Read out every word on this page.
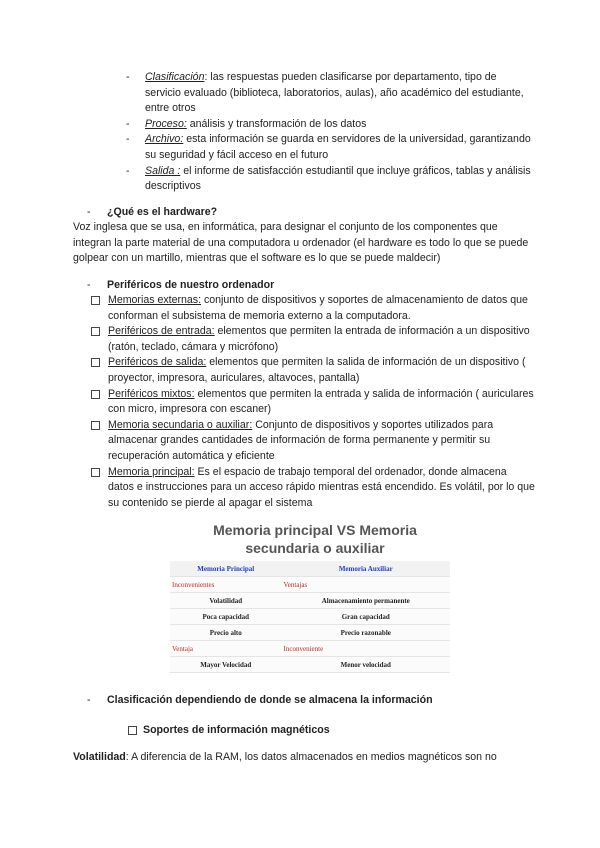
- Clasificación: las respuestas pueden clasificarse por departamento, tipo de servicio evaluado (biblioteca, laboratorios, aulas), año académico del estudiante, entre otros
- Proceso: análisis y transformación de los datos
- Archivo: esta información se guarda en servidores de la universidad, garantizando su seguridad y fácil acceso en el futuro
- Salida : el informe de satisfacción estudiantil que incluye gráficos, tablas y análisis descriptivos
- ¿Qué es el hardware?
Voz inglesa que se usa, en informática, para designar el conjunto de los componentes que integran la parte material de una computadora u ordenador (el hardware es todo lo que se puede golpear con un martillo, mientras que el software es lo que se puede maldecir)
- Periféricos de nuestro ordenador
Memorias externas: conjunto de dispositivos y soportes de almacenamiento de datos que conforman el subsistema de memoria externo a la computadora.
Periféricos de entrada: elementos que permiten la entrada de información a un dispositivo (ratón, teclado, cámara y micrófono)
Periféricos de salida: elementos que permiten la salida de información de un dispositivo ( proyector, impresora, auriculares, altavoces, pantalla)
Periféricos mixtos: elementos que permiten la entrada y salida de información ( auriculares con micro, impresora con escaner)
Memoria secundaria o auxiliar: Conjunto de dispositivos y soportes utilizados para almacenar grandes cantidades de información de forma permanente y permitir su recuperación automática y eficiente
Memoria principal: Es el espacio de trabajo temporal del ordenador, donde almacena datos e instrucciones para un acceso rápido mientras está encendido. Es volátil, por lo que su contenido se pierde al apagar el sistema
Memoria principal VS Memoria
secundaria o auxiliar
Memoria Principal	Memoria Auxiliar
Inconvenientes	Ventajas
Volatilidad	Almacenamiento permanente
Poca capacidad	Gran capacidad
Precio alto	Precio razonable
Ventaja	Inconveniente
Mayor Velocidad	Menor velocidad
- Clasificación dependiendo de donde se almacena la información
Soportes de información magnéticos
Volatilidad: A diferencia de la RAM, los datos almacenados en medios magnéticos son no
